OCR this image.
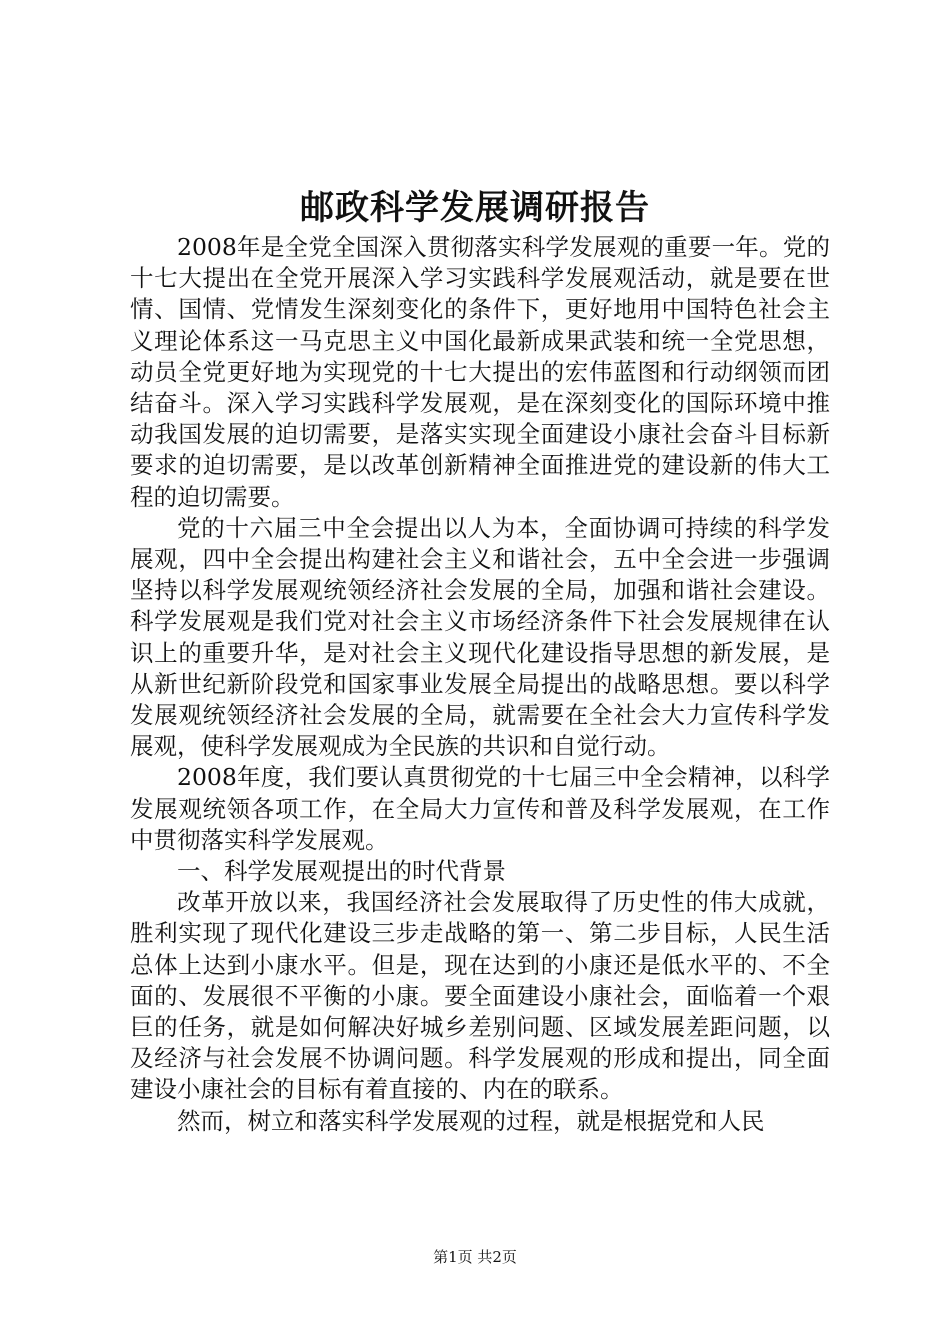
邮政科学发展调研报告

2008年是全党全国深入贯彻落实科学发展观的重要一年。党的十七大提出在全党开展深入学习实践科学发展观活动，就是要在世情、国情、党情发生深刻变化的条件下，更好地用中国特色社会主义理论体系这一马克思主义中国化最新成果武装和统一全党思想，动员全党更好地为实现党的十七大提出的宏伟蓝图和行动纲领而团结奋斗。深入学习实践科学发展观，是在深刻变化的国际环境中推动我国发展的迫切需要，是落实实现全面建设小康社会奋斗目标新要求的迫切需要，是以改革创新精神全面推进党的建设新的伟大工程的迫切需要。

党的十六届三中全会提出以人为本，全面协调可持续的科学发展观，四中全会提出构建社会主义和谐社会，五中全会进一步强调坚持以科学发展观统领经济社会发展的全局，加强和谐社会建设。科学发展观是我们党对社会主义市场经济条件下社会发展规律在认识上的重要升华，是对社会主义现代化建设指导思想的新发展，是从新世纪新阶段党和国家事业发展全局提出的战略思想。要以科学发展观统领经济社会发展的全局，就需要在全社会大力宣传科学发展观，使科学发展观成为全民族的共识和自觉行动。

2008年度，我们要认真贯彻党的十七届三中全会精神，以科学发展观统领各项工作，在全局大力宣传和普及科学发展观，在工作中贯彻落实科学发展观。

一、科学发展观提出的时代背景

改革开放以来，我国经济社会发展取得了历史性的伟大成就，胜利实现了现代化建设三步走战略的第一、第二步目标，人民生活总体上达到小康水平。但是，现在达到的小康还是低水平的、不全面的、发展很不平衡的小康。要全面建设小康社会，面临着一个艰巨的任务，就是如何解决好城乡差别问题、区域发展差距问题，以及经济与社会发展不协调问题。科学发展观的形成和提出，同全面建设小康社会的目标有着直接的、内在的联系。

然而，树立和落实科学发展观的过程，就是根据党和人民

第1页 共2页
